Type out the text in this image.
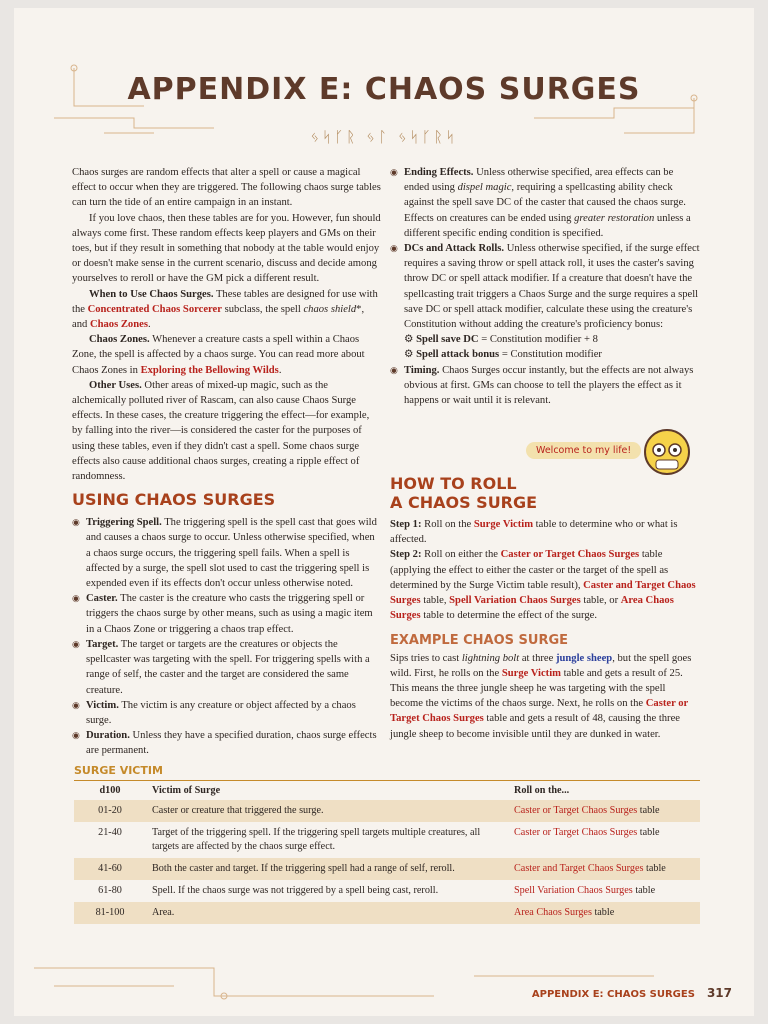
APPENDIX E: CHAOS SURGES
ᛃᛋᚴᚱ ᛃᛚ ᛃᛋᚴᚱᛋ

Chaos surges are random effects that alter a spell or cause a magical effect to occur when they are triggered. The following chaos surge tables can turn the tide of an entire campaign in an instant.

If you love chaos, then these tables are for you. However, fun should always come first. These random effects keep players and GMs on their toes, but if they result in something that nobody at the table would enjoy or doesn't make sense in the current scenario, discuss and decide among yourselves to reroll or have the GM pick a different result.

When to Use Chaos Surges. These tables are designed for use with the Concentrated Chaos Sorcerer subclass, the spell chaos shield*, and Chaos Zones.

Chaos Zones. Whenever a creature casts a spell within a Chaos Zone, the spell is affected by a chaos surge. You can read more about Chaos Zones in Exploring the Bellowing Wilds.

Other Uses. Other areas of mixed-up magic, such as the alchemically polluted river of Rascam, can also cause Chaos Surge effects. In these cases, the creature triggering the effect—for example, by falling into the river—is considered the caster for the purposes of using these tables, even if they didn't cast a spell. Some chaos surge effects also cause additional chaos surges, creating a ripple effect of randomness.

USING CHAOS SURGES

◉ Triggering Spell. The triggering spell is the spell cast that goes wild and causes a chaos surge to occur. Unless otherwise specified, when a chaos surge occurs, the triggering spell fails. When a spell is affected by a surge, the spell slot used to cast the triggering spell is expended even if its effects don't occur unless otherwise noted.
◉ Caster. The caster is the creature who casts the triggering spell or triggers the chaos surge by other means, such as using a magic item in a Chaos Zone or triggering a chaos trap effect.
◉ Target. The target or targets are the creatures or objects the spellcaster was targeting with the spell. For triggering spells with a range of self, the caster and the target are considered the same creature.
◉ Victim. The victim is any creature or object affected by a chaos surge.
◉ Duration. Unless they have a specified duration, chaos surge effects are permanent.
◉ Ending Effects. Unless otherwise specified, area effects can be ended using dispel magic, requiring a spellcasting ability check against the spell save DC of the caster that caused the chaos surge. Effects on creatures can be ended using greater restoration unless a different specific ending condition is specified.
◉ DCs and Attack Rolls. Unless otherwise specified, if the surge effect requires a saving throw or spell attack roll, it uses the caster's saving throw DC or spell attack modifier. If a creature that doesn't have the spellcasting trait triggers a Chaos Surge and the surge requires a spell save DC or spell attack modifier, calculate these using the creature's Constitution without adding the creature's proficiency bonus:
⚙ Spell save DC = Constitution modifier + 8
⚙ Spell attack bonus = Constitution modifier
◉ Timing. Chaos Surges occur instantly, but the effects are not always obvious at first. GMs can choose to tell the players the effect as it happens or wait until it is relevant.
Welcome to my life!

HOW TO ROLL
A CHAOS SURGE

Step 1: Roll on the Surge Victim table to determine who or what is affected.

Step 2: Roll on either the Caster or Target Chaos Surges table (applying the effect to either the caster or the target of the spell as determined by the Surge Victim table result), Caster and Target Chaos Surges table, Spell Variation Chaos Surges table, or Area Chaos Surges table to determine the effect of the surge.

EXAMPLE CHAOS SURGE

Sips tries to cast lightning bolt at three jungle sheep, but the spell goes wild. First, he rolls on the Surge Victim table and gets a result of 25. This means the three jungle sheep he was targeting with the spell become the victims of the chaos surge. Next, he rolls on the Caster or Target Chaos Surges table and gets a result of 48, causing the three jungle sheep to become invisible until they are dunked in water.

SURGE VICTIM
d100	Victim of Surge	Roll on the...
01-20	Caster or creature that triggered the surge.	Caster or Target Chaos Surges table
21-40	Target of the triggering spell. If the triggering spell targets multiple creatures, all targets are affected by the chaos surge effect.	Caster or Target Chaos Surges table
41-60	Both the caster and target. If the triggering spell had a range of self, reroll.	Caster and Target Chaos Surges table
61-80	Spell. If the chaos surge was not triggered by a spell being cast, reroll.	Spell Variation Chaos Surges table
81-100	Area.	Area Chaos Surges table
APPENDIX E: CHAOS SURGES 317
